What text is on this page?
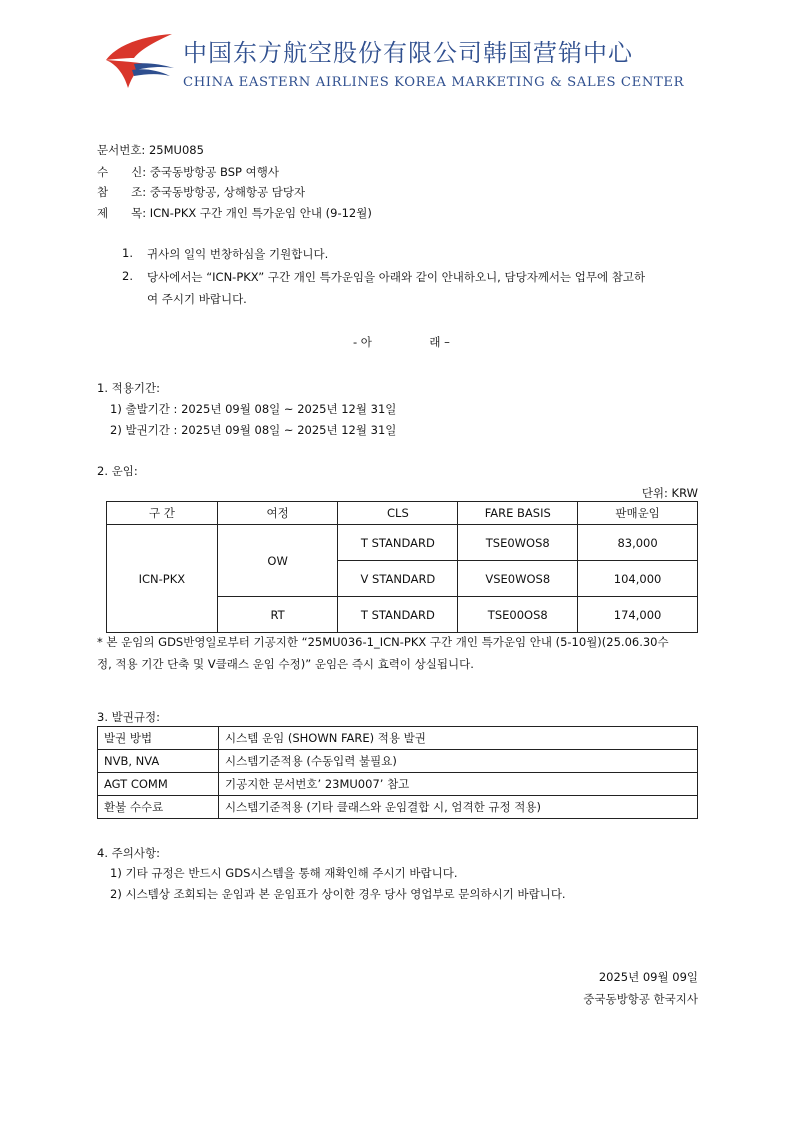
中国东方航空股份有限公司韩国营销中心
CHINA EASTERN AIRLINES KOREA MARKETING & SALES CENTER
문서번호: 25MU085
수　　신: 중국동방항공 BSP 여행사
참　　조: 중국동방항공, 상해항공 담당자
제　　목: ICN-PKX 구간 개인 특가운임 안내 (9-12월)
1. 귀사의 일익 번창하심을 기원합니다.
2. 당사에서는 “ICN-PKX” 구간 개인 특가운임을 아래와 같이 안내하오니, 담당자께서는 업무에 참고하
여 주시기 바랍니다.
- 아　　　　　래 –
1. 적용기간:
1) 출발기간 : 2025년 09월 08일 ~ 2025년 12월 31일
2) 발권기간 : 2025년 09월 08일 ~ 2025년 12월 31일
2. 운임:
단위: KRW
구 간	여정	CLS	FARE BASIS	판매운임
ICN-PKX	OW	T STANDARD	TSE0WOS8	83,000
		V STANDARD	VSE0WOS8	104,000
	RT	T STANDARD	TSE00OS8	174,000
* 본 운임의 GDS반영일로부터 기공지한 “25MU036-1_ICN-PKX 구간 개인 특가운임 안내 (5-10월)(25.06.30수
정, 적용 기간 단축 및 V클래스 운임 수정)” 운임은 즉시 효력이 상실됩니다.
3. 발권규정:
발권 방법	시스템 운임 (SHOWN FARE) 적용 발권
NVB, NVA	시스템기준적용 (수동입력 불필요)
AGT COMM	기공지한 문서번호’ 23MU007’ 참고
환불 수수료	시스템기준적용 (기타 클래스와 운임결합 시, 엄격한 규정 적용)
4. 주의사항:
1) 기타 규정은 반드시 GDS시스템을 통해 재확인해 주시기 바랍니다.
2) 시스템상 조회되는 운임과 본 운임표가 상이한 경우 당사 영업부로 문의하시기 바랍니다.
2025년 09월 09일
중국동방항공 한국지사
